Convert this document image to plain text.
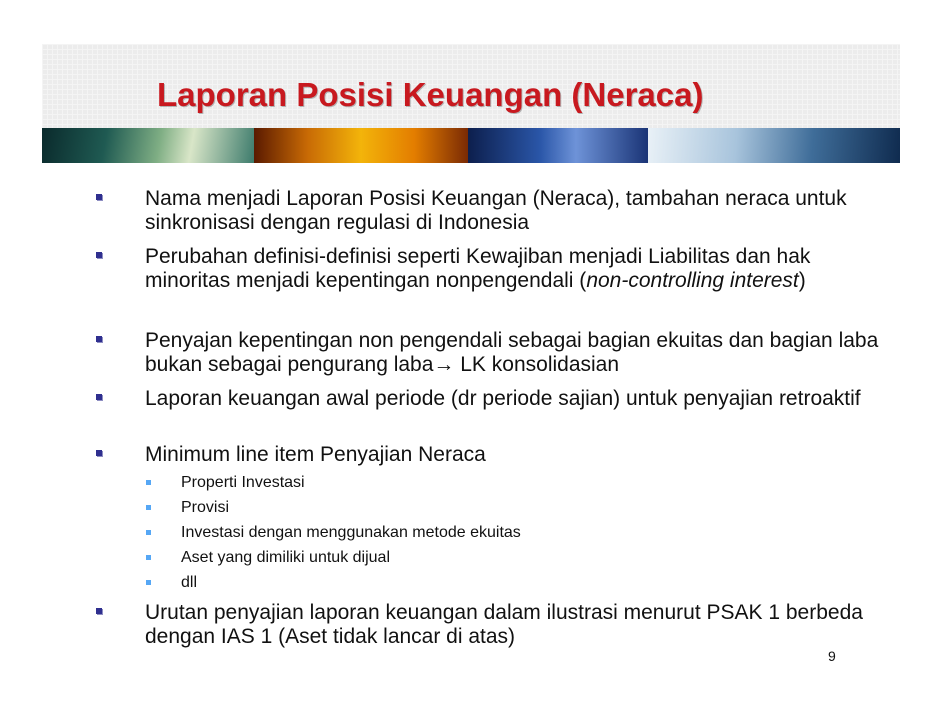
Laporan Posisi Keuangan (Neraca)
Nama menjadi Laporan Posisi Keuangan (Neraca), tambahan neraca untuk sinkronisasi dengan regulasi di Indonesia
Perubahan definisi-definisi seperti Kewajiban menjadi Liabilitas dan hak minoritas menjadi kepentingan nonpengendali (non-controlling interest)
Penyajan kepentingan non pengendali sebagai bagian ekuitas dan bagian laba bukan sebagai pengurang laba→ LK konsolidasian
Laporan keuangan awal periode (dr periode sajian) untuk penyajian retroaktif
Minimum line item Penyajian Neraca
Properti Investasi
Provisi
Investasi dengan menggunakan metode ekuitas
Aset yang dimiliki untuk dijual
dll
Urutan penyajian laporan keuangan dalam ilustrasi menurut PSAK 1 berbeda dengan IAS 1 (Aset tidak lancar di atas)
9
